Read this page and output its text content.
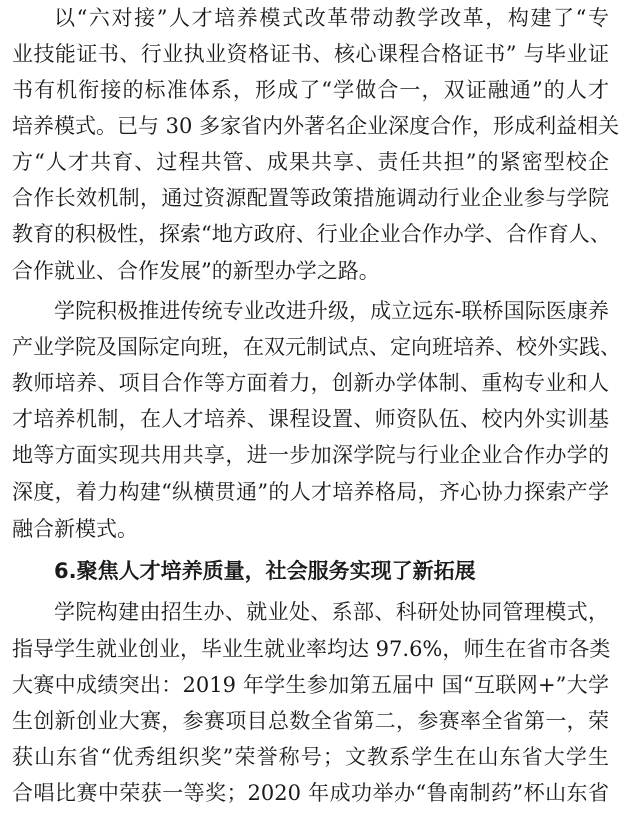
以“六对接”人才培养模式改革带动教学改革，构建了“专
业技能证书、行业执业资格证书、核心课程合格证书” 与毕业证
书有机衔接的标准体系，形成了“学做合一，双证融通”的人才
培养模式。已与 30 多家省内外著名企业深度合作，形成利益相关
方“人才共育、过程共管、成果共享、责任共担”的紧密型校企
合作长效机制，通过资源配置等政策措施调动行业企业参与学院
教育的积极性，探索“地方政府、行业企业合作办学、合作育人、
合作就业、合作发展”的新型办学之路。
学院积极推进传统专业改进升级，成立远东-联桥国际医康养
产业学院及国际定向班，在双元制试点、定向班培养、校外实践、
教师培养、项目合作等方面着力，创新办学体制、重构专业和人
才培养机制，在人才培养、课程设置、师资队伍、校内外实训基
地等方面实现共用共享，进一步加深学院与行业企业合作办学的
深度，着力构建“纵横贯通”的人才培养格局，齐心协力探索产学
融合新模式。
6.聚焦人才培养质量，社会服务实现了新拓展
学院构建由招生办、就业处、系部、科研处协同管理模式，
指导学生就业创业，毕业生就业率均达 97.6%，师生在省市各类
大赛中成绩突出：2019 年学生参加第五届中 国“互联网+”大学
生创新创业大赛，参赛项目总数全省第二，参赛率全省第一，荣
获山东省“优秀组织奖”荣誉称号；文教系学生在山东省大学生
合唱比赛中荣获一等奖；2020 年成功举办“鲁南制药”杯山东省
